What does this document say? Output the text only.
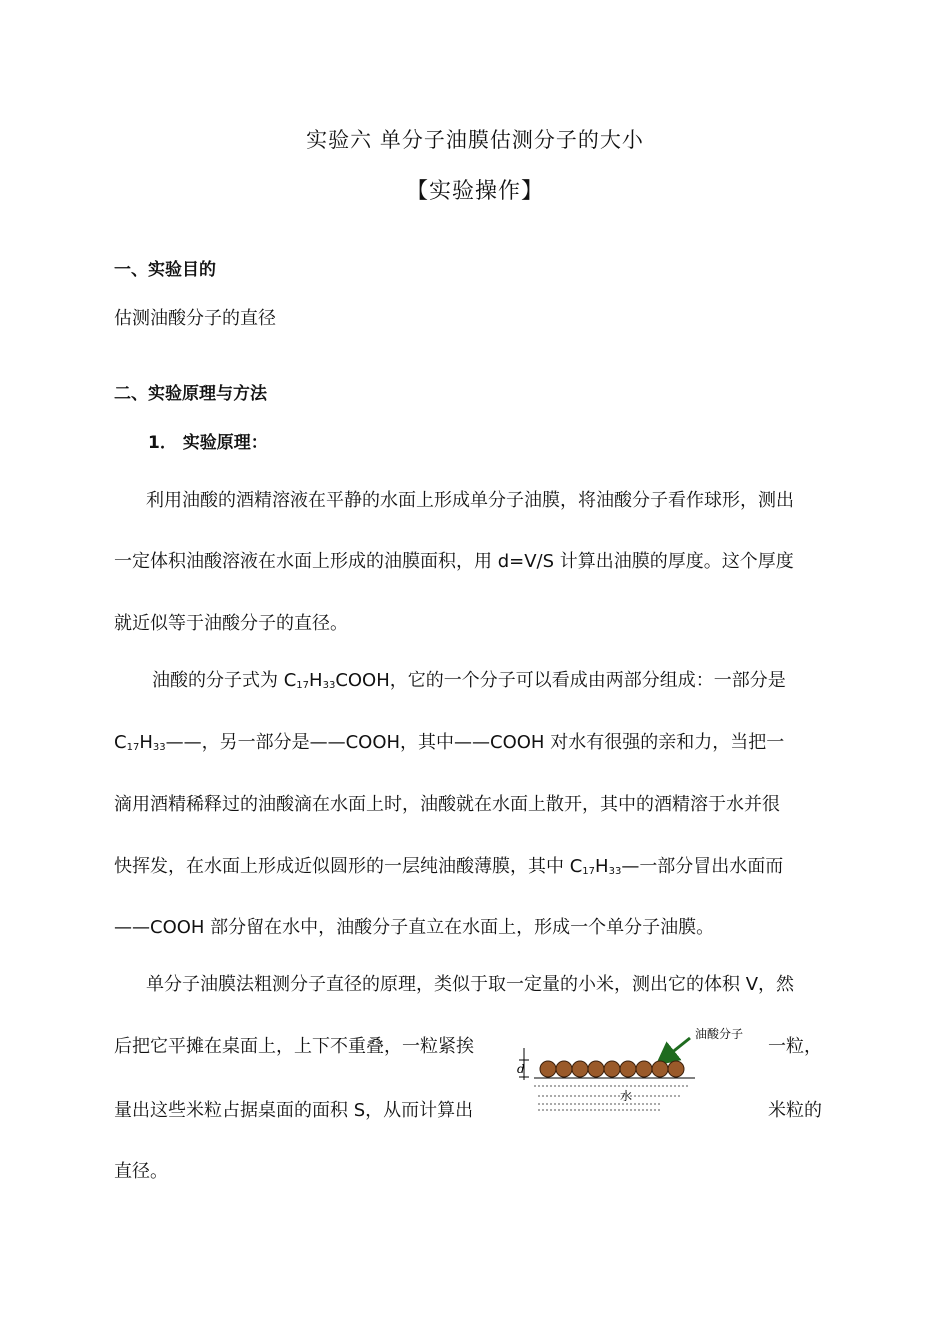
实验六 单分子油膜估测分子的大小
【实验操作】
一、实验目的
估测油酸分子的直径
二、实验原理与方法
1． 实验原理：
利用油酸的酒精溶液在平静的水面上形成单分子油膜，将油酸分子看作球形，测出
一定体积油酸溶液在水面上形成的油膜面积，用 d=V/S 计算出油膜的厚度。这个厚度
就近似等于油酸分子的直径。
油酸的分子式为 $C_{17}H_{33}COOH$，它的一个分子可以看成由两部分组成：一部分是
$C_{17}H_{33}——$，另一部分是——COOH，其中——COOH 对水有很强的亲和力，当把一
滴用酒精稀释过的油酸滴在水面上时，油酸就在水面上散开，其中的酒精溶于水并很
快挥发，在水面上形成近似圆形的一层纯油酸薄膜，其中 $C_{17}H_{33}—$一部分冒出水面而
——COOH 部分留在水中，油酸分子直立在水面上，形成一个单分子油膜。
单分子油膜法粗测分子直径的原理，类似于取一定量的小米，测出它的体积 V，然
后把它平摊在桌面上，上下不重叠，一粒紧挨	一粒，
量出这些米粒占据桌面的面积 S，从而计算出	米粒的
直径。
油酸分子
d
水
